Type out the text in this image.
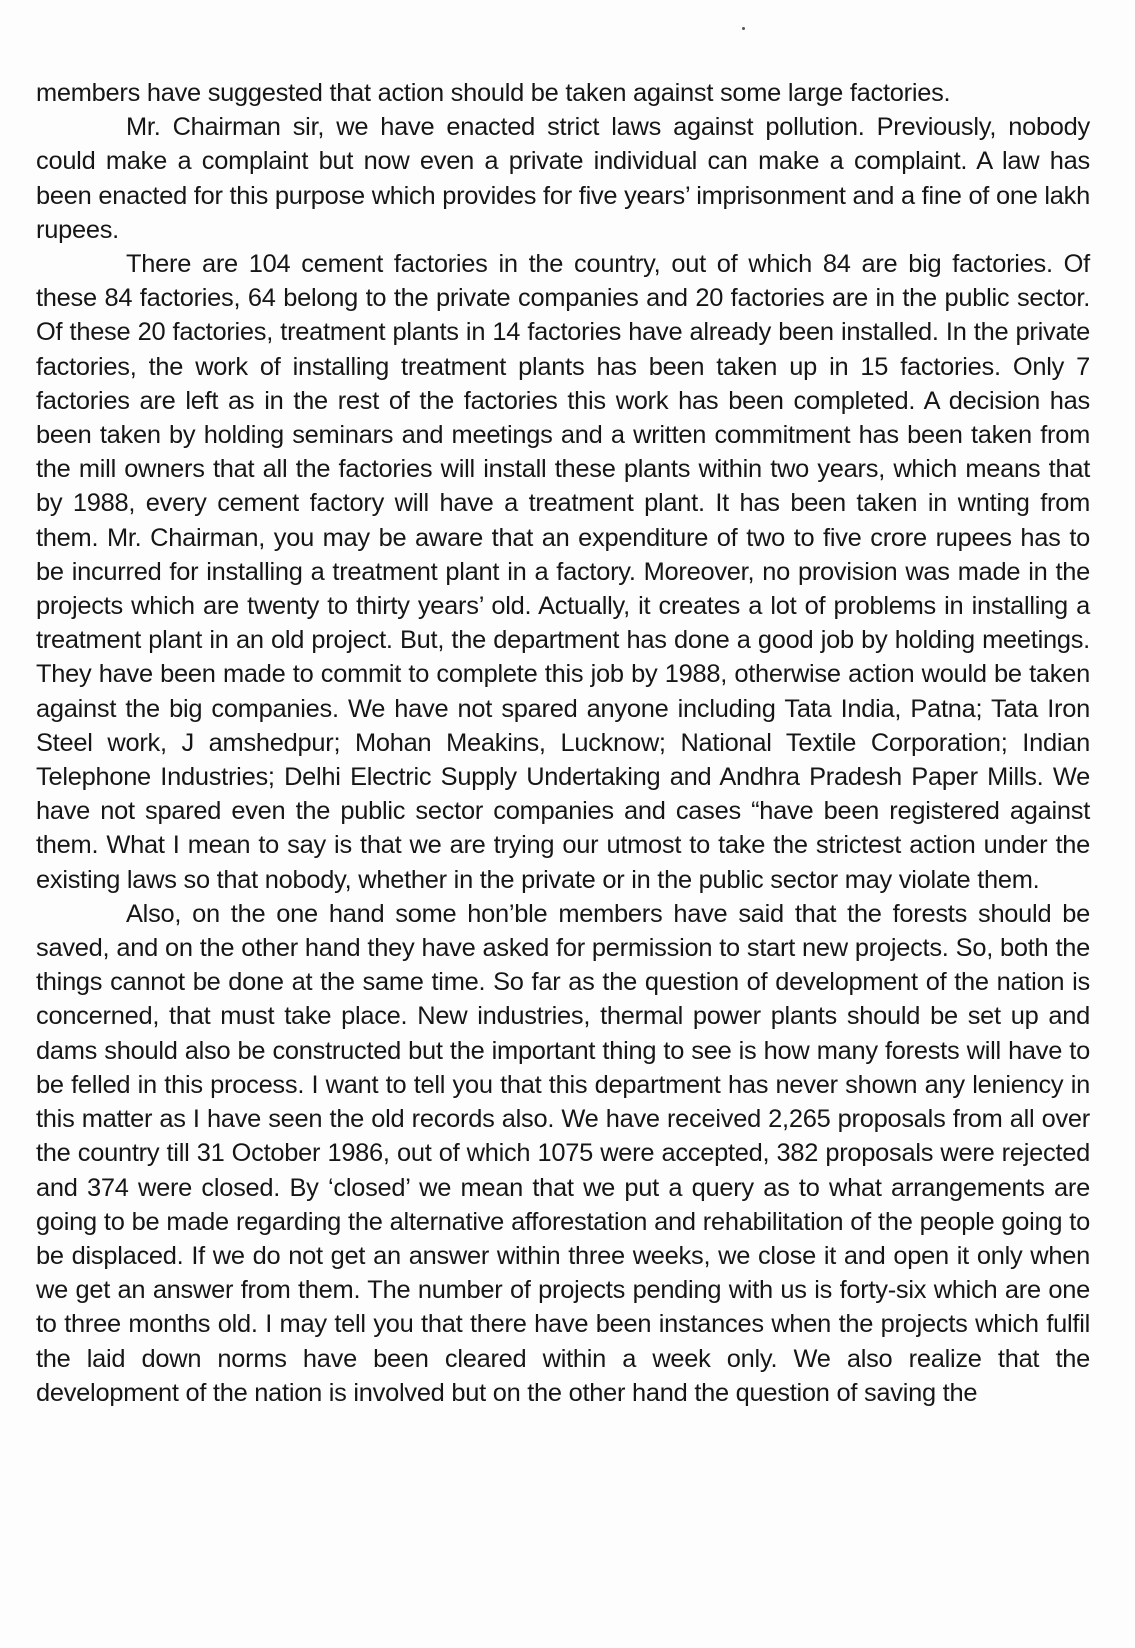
members have suggested that action should be taken against some large factories.

Mr. Chairman sir, we have enacted strict laws against pollution. Previously, nobody could make a complaint but now even a private individual can make a complaint. A law has been enacted for this purpose which provides for five years’ imprisonment and a fine of one lakh rupees.

There are 104 cement factories in the country, out of which 84 are big factories. Of these 84 factories, 64 belong to the private companies and 20 factories are in the public sector. Of these 20 factories, treatment plants in 14 factories have already been installed. In the private factories, the work of installing treatment plants has been taken up in 15 factories. Only 7 factories are left as in the rest of the factories this work has been completed. A decision has been taken by holding seminars and meetings and a written commitment has been taken from the mill owners that all the factories will install these plants within two years, which means that by 1988, every cement factory will have a treatment plant. It has been taken in wnting from them. Mr. Chairman, you may be aware that an expenditure of two to five crore rupees has to be incurred for installing a treatment plant in a factory. Moreover, no provision was made in the projects which are twenty to thirty years’ old. Actually, it creates a lot of problems in installing a treatment plant in an old project. But, the department has done a good job by holding meetings. They have been made to commit to complete this job by 1988, otherwise action would be taken against the big companies. We have not spared anyone including Tata India, Patna; Tata Iron Steel work, J amshedpur; Mohan Meakins, Lucknow; National Textile Corporation; Indian Telephone Industries; Delhi Electric Supply Undertaking and Andhra Pradesh Paper Mills. We have not spared even the public sector companies and cases “have been registered against them. What I mean to say is that we are trying our utmost to take the strictest action under the existing laws so that nobody, whether in the private or in the public sector may violate them.

Also, on the one hand some hon’ble members have said that the forests should be saved, and on the other hand they have asked for permission to start new projects. So, both the things cannot be done at the same time. So far as the question of development of the nation is concerned, that must take place. New industries, thermal power plants should be set up and dams should also be constructed but the important thing to see is how many forests will have to be felled in this process. I want to tell you that this department has never shown any leniency in this matter as I have seen the old records also. We have received 2,265 proposals from all over the country till 31 October 1986, out of which 1075 were accepted, 382 proposals were rejected and 374 were closed. By ‘closed’ we mean that we put a query as to what arrangements are going to be made regarding the alternative afforestation and rehabilitation of the people going to be displaced. If we do not get an answer within three weeks, we close it and open it only when we get an answer from them. The number of projects pending with us is forty-six which are one to three months old. I may tell you that there have been instances when the projects which fulfil the laid down norms have been cleared within a week only. We also realize that the development of the nation is involved but on the other hand the question of saving the
